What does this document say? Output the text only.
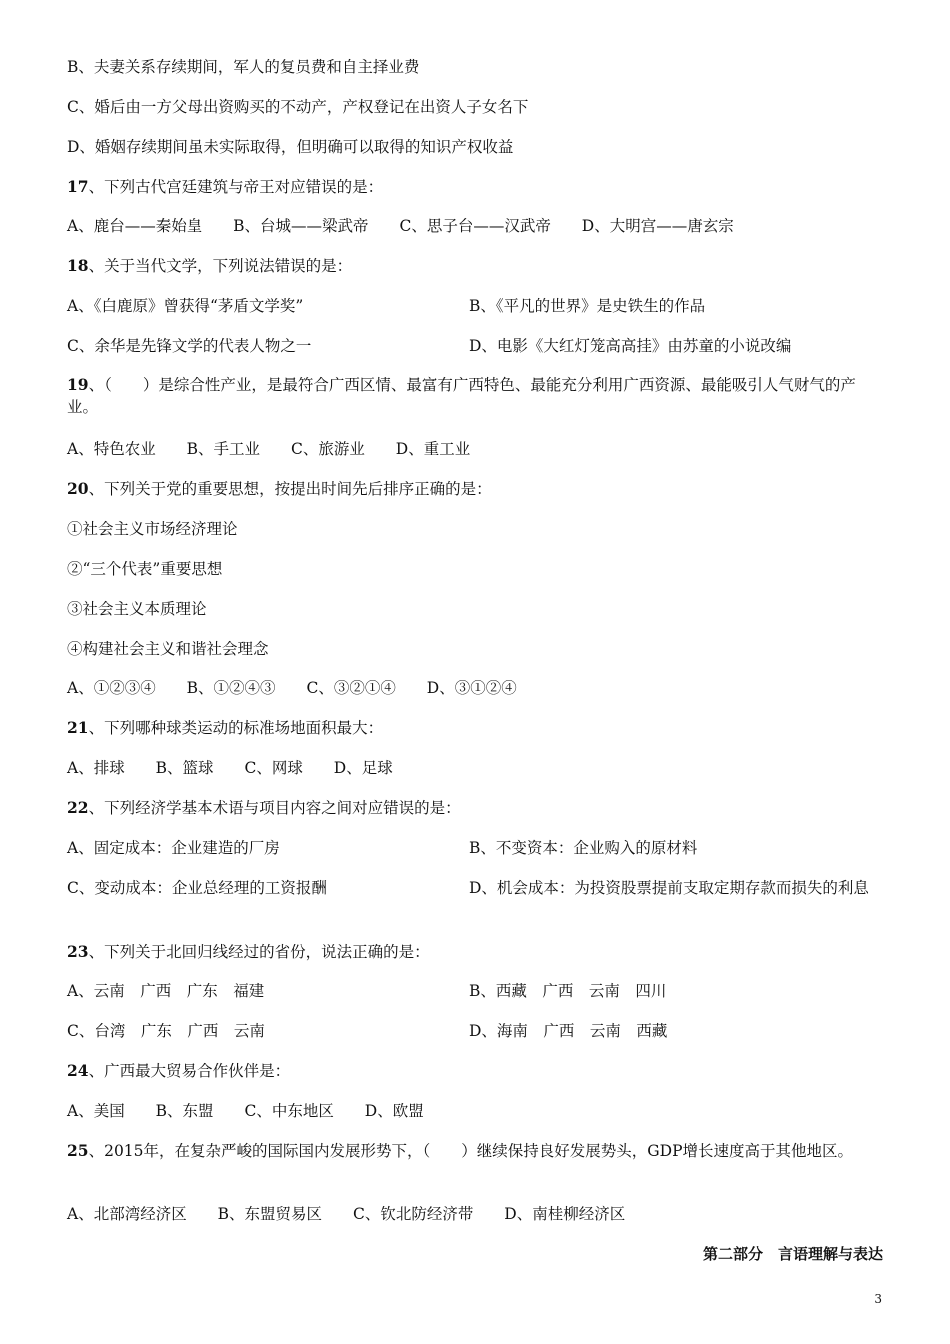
B、夫妻关系存续期间，军人的复员费和自主择业费
C、婚后由一方父母出资购买的不动产，产权登记在出资人子女名下
D、婚姻存续期间虽未实际取得，但明确可以取得的知识产权收益
17、下列古代宫廷建筑与帝王对应错误的是：
A、鹿台——秦始皇 B、台城——梁武帝 C、思子台——汉武帝 D、大明宫——唐玄宗
18、关于当代文学，下列说法错误的是：
A、《白鹿原》曾获得“茅盾文学奖”	B、《平凡的世界》是史铁生的作品
C、余华是先锋文学的代表人物之一	D、电影《大红灯笼高高挂》由苏童的小说改编
19、（　　）是综合性产业，是最符合广西区情、最富有广西特色、最能充分利用广西资源、最能吸引人气财气的产业。
A、特色农业 B、手工业 C、旅游业 D、重工业
20、下列关于党的重要思想，按提出时间先后排序正确的是：
①社会主义市场经济理论
②“三个代表”重要思想
③社会主义本质理论
④构建社会主义和谐社会理念
A、①②③④ B、①②④③ C、③②①④ D、③①②④
21、下列哪种球类运动的标准场地面积最大：
A、排球 B、篮球 C、网球 D、足球
22、下列经济学基本术语与项目内容之间对应错误的是：
A、固定成本：企业建造的厂房	B、不变资本：企业购入的原材料
C、变动成本：企业总经理的工资报酬	D、机会成本：为投资股票提前支取定期存款而损失的利息
23、下列关于北回归线经过的省份，说法正确的是：
A、云南　广西　广东　福建	B、西藏　广西　云南　四川
C、台湾　广东　广西　云南	D、海南　广西　云南　西藏
24、广西最大贸易合作伙伴是：
A、美国 B、东盟 C、中东地区 D、欧盟
25、2015年，在复杂严峻的国际国内发展形势下，（　　）继续保持良好发展势头，GDP增长速度高于其他地区。
A、北部湾经济区 B、东盟贸易区 C、钦北防经济带 D、南桂柳经济区
第二部分　言语理解与表达
3
